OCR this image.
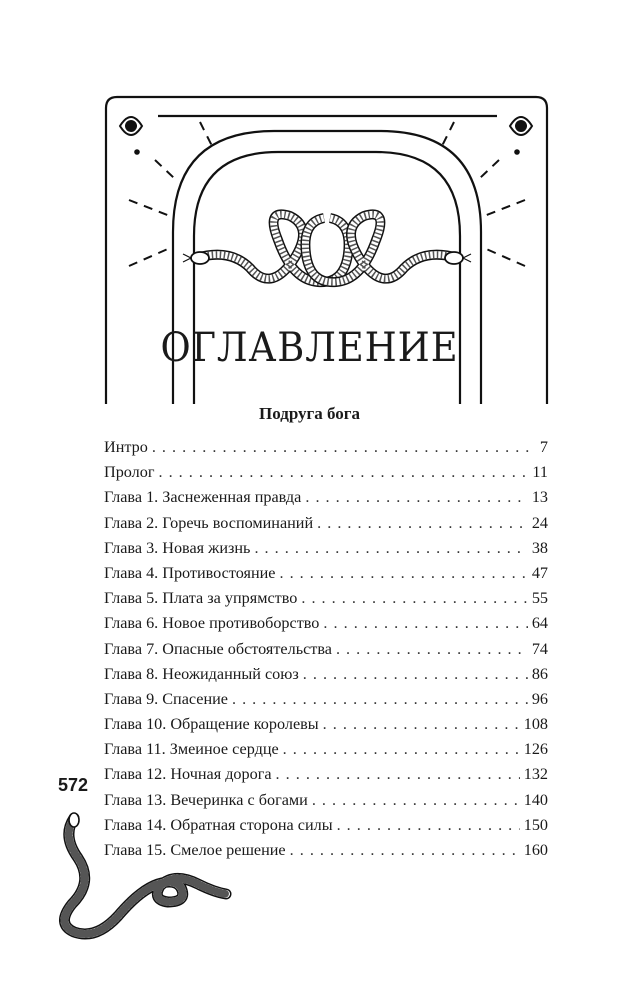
ОГЛАВЛЕНИЕ
Подруга бога
Интро . . .	7
Пролог . . .	11
Глава 1. Заснеженная правда . . .	13
Глава 2. Горечь воспоминаний . . .	24
Глава 3. Новая жизнь . . .	38
Глава 4. Противостояние . . .	47
Глава 5. Плата за упрямство . . .	55
Глава 6. Новое противоборство . . .	64
Глава 7. Опасные обстоятельства . . .	74
Глава 8. Неожиданный союз . . .	86
Глава 9. Спасение . . .	96
Глава 10. Обращение королевы . . .	108
Глава 11. Змеиное сердце . . .	126
Глава 12. Ночная дорога . . .	132
Глава 13. Вечеринка с богами . . .	140
Глава 14. Обратная сторона силы . . .	150
Глава 15. Смелое решение . . .	160
572
